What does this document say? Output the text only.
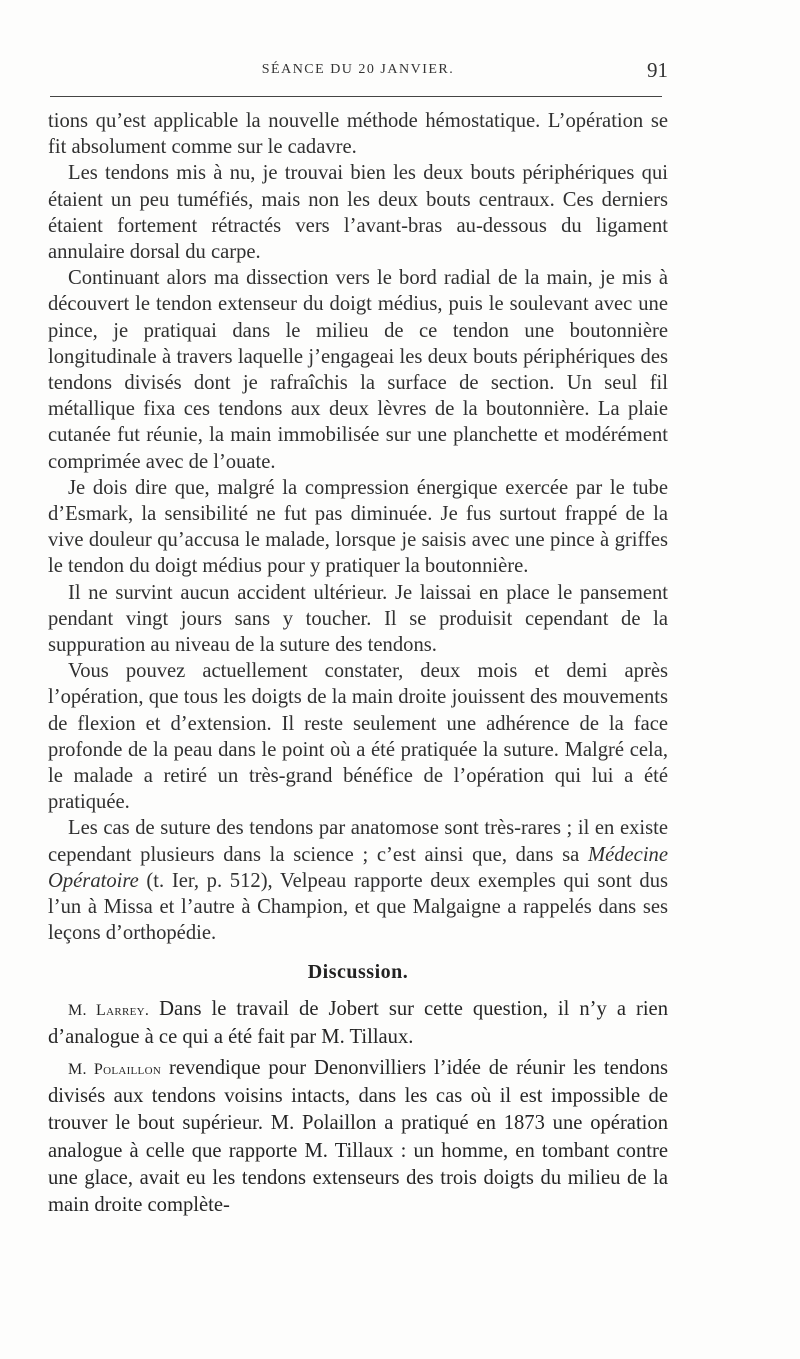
SÉANCE DU 20 JANVIER.	91

tions qu’est applicable la nouvelle méthode hémostatique. L’opération se fit absolument comme sur le cadavre.

Les tendons mis à nu, je trouvai bien les deux bouts périphériques qui étaient un peu tuméfiés, mais non les deux bouts centraux. Ces derniers étaient fortement rétractés vers l’avant-bras au-dessous du ligament annulaire dorsal du carpe.

Continuant alors ma dissection vers le bord radial de la main, je mis à découvert le tendon extenseur du doigt médius, puis le soulevant avec une pince, je pratiquai dans le milieu de ce tendon une boutonnière longitudinale à travers laquelle j’engageai les deux bouts périphériques des tendons divisés dont je rafraîchis la surface de section. Un seul fil métallique fixa ces tendons aux deux lèvres de la boutonnière. La plaie cutanée fut réunie, la main immobilisée sur une planchette et modérément comprimée avec de l’ouate.

Je dois dire que, malgré la compression énergique exercée par le tube d’Esmark, la sensibilité ne fut pas diminuée. Je fus surtout frappé de la vive douleur qu’accusa le malade, lorsque je saisis avec une pince à griffes le tendon du doigt médius pour y pratiquer la boutonnière.

Il ne survint aucun accident ultérieur. Je laissai en place le pansement pendant vingt jours sans y toucher. Il se produisit cependant de la suppuration au niveau de la suture des tendons.

Vous pouvez actuellement constater, deux mois et demi après l’opération, que tous les doigts de la main droite jouissent des mouvements de flexion et d’extension. Il reste seulement une adhérence de la face profonde de la peau dans le point où a été pratiquée la suture. Malgré cela, le malade a retiré un très-grand bénéfice de l’opération qui lui a été pratiquée.

Les cas de suture des tendons par anatomose sont très-rares ; il en existe cependant plusieurs dans la science ; c’est ainsi que, dans sa Médecine Opératoire (t. Ier, p. 512), Velpeau rapporte deux exemples qui sont dus l’un à Missa et l’autre à Champion, et que Malgaigne a rappelés dans ses leçons d’orthopédie.

Discussion.

M. Larrey. Dans le travail de Jobert sur cette question, il n’y a rien d’analogue à ce qui a été fait par M. Tillaux.

M. Polaillon revendique pour Denonvilliers l’idée de réunir les tendons divisés aux tendons voisins intacts, dans les cas où il est impossible de trouver le bout supérieur. M. Polaillon a pratiqué en 1873 une opération analogue à celle que rapporte M. Tillaux : un homme, en tombant contre une glace, avait eu les tendons extenseurs des trois doigts du milieu de la main droite complète-
